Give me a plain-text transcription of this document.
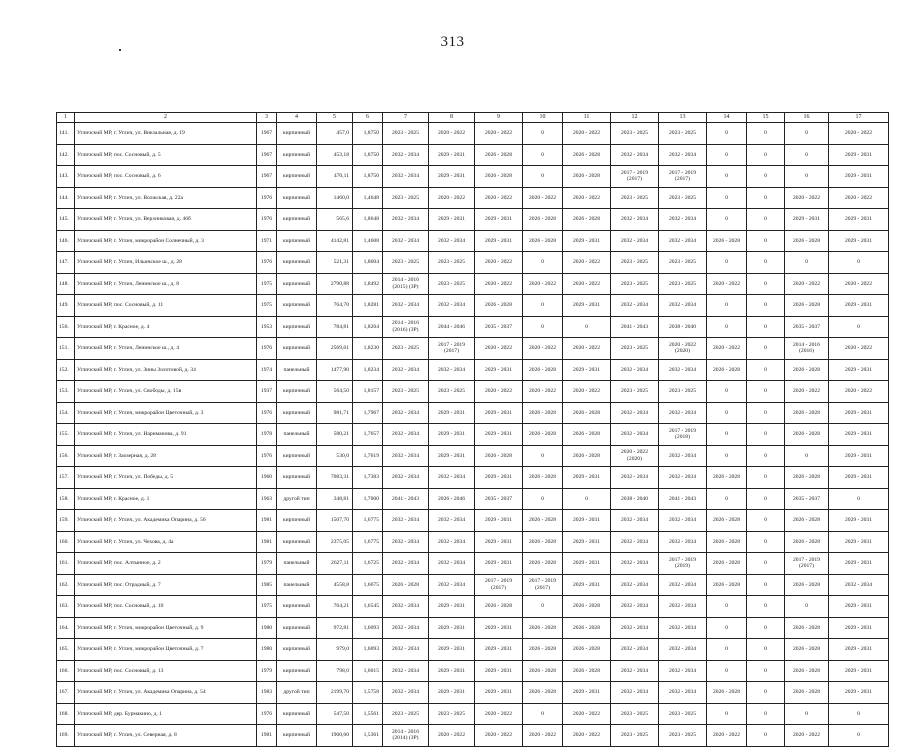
313
1	2	3	4	5	6	7	8	9	10	11	12	13	14	15	16	17
141.	Угличский МР, г. Углич, ул. Викзальная, д. 19	1967	кирпичный	457,0	1,8750	2023 - 2025	2020 - 2022	2020 - 2022	0	2020 - 2022	2023 - 2025	2023 - 2025	0	0	0	2020 - 2022
142.	Угличский МР, пос. Сосновый, д. 5	1967	кирпичный	453,18	1,8750	2032 - 2034	2029 - 2031	2026 - 2028	0	2026 - 2028	2032 - 2034	2032 - 2034	0	0	0	2029 - 2031
143.	Угличский МР, пос. Сосновый, д. 6	1967	кирпичный	470,11	1,8750	2032 - 2034	2029 - 2031	2026 - 2028	0	2026 - 2028	2017 - 2019 (2017)	2017 - 2019 (2017)	0	0	0	2029 - 2031
144.	Угличский МР, г. Углич, ул. Волжская, д. 22а	1976	кирпичный	1460,0	1,4648	2023 - 2025	2020 - 2022	2020 - 2022	2020 - 2022	2020 - 2022	2023 - 2025	2023 - 2025	0	0	2020 - 2022	2020 - 2022
145.	Угличский МР, г. Углич, ул. Верхниковая, д. 46б	1976	кирпичный	565,6	1,8648	2032 - 2034	2029 - 2031	2029 - 2031	2026 - 2028	2026 - 2028	2032 - 2034	2032 - 2034	0	0	2029 - 2031	2029 - 2031
146.	Угличский МР, г. Углич, микрорайон Солнечный, д. 3	1971	кирпичный	4142,81	1,4608	2032 - 2034	2032 - 2034	2029 - 2031	2026 - 2028	2029 - 2031	2032 - 2034	2032 - 2034	2026 - 2028	0	2026 - 2028	2029 - 2031
147.	Угличский МР, г. Углич, Ильинское ш., д. 28	1976	кирпичный	521,31	1,8604	2023 - 2025	2023 - 2025	2020 - 2022	0	2020 - 2022	2023 - 2025	2023 - 2025	0	0	0	0
148.	Угличский МР, г. Углич, Ленинское ш., д. 8	1975	кирпичный	2790,88	1,8492	2014 - 2016 (2015) (ЗР)	2023 - 2025	2020 - 2022	2020 - 2022	2020 - 2022	2023 - 2025	2023 - 2025	2020 - 2022	0	2020 - 2022	2020 - 2022
149.	Угличский МР, пос. Сосновый, д. 11	1975	кирпичный	764,70	1,8281	2032 - 2034	2032 - 2034	2026 - 2028	0	2029 - 2031	2032 - 2034	2032 - 2034	0	0	2026 - 2028	2029 - 2031
150.	Угличский МР, г. Красное, д. 4	1953	кирпичный	784,81	1,8264	2014 - 2016 (2016) (ЗР)	2044 - 2046	2035 - 2037	0	0	2041 - 2043	2038 - 2040	0	0	2035 - 2037	0
151.	Угличский МР, г. Углич, Ленинское ш., д. 4	1976	кирпичный	2569,61	1,8230	2023 - 2025	2017 - 2019 (2017)	2020 - 2022	2020 - 2022	2020 - 2022	2023 - 2025	2020 - 2022 (2020)	2020 - 2022	0	2014 - 2016 (2016)	2020 - 2022
152.	Угличский МР, г. Углич, ул. Зины Золотовой, д. 34	1974	панельный	1477,90	1,8234	2032 - 2034	2032 - 2034	2029 - 2031	2026 - 2028	2029 - 2031	2032 - 2034	2032 - 2034	2026 - 2028	0	2026 - 2028	2029 - 2031
153.	Угличский МР, г. Углич, ул. Свободы, д. 15в	1937	кирпичный	564,50	1,8157	2023 - 2025	2023 - 2025	2020 - 2022	2020 - 2022	2020 - 2022	2023 - 2025	2023 - 2025	0	0	2020 - 2022	2020 - 2022
154.	Угличский МР, г. Углич, микрорайон Цветочный, д. 3	1976	кирпичный	981,71	1,7967	2032 - 2034	2029 - 2031	2029 - 2031	2026 - 2028	2026 - 2028	2032 - 2034	2032 - 2034	0	0	2026 - 2028	2029 - 2031
155.	Угличский МР, г. Углич, ул. Нариманова, д. 91	1978	панельный	580,21	1,7657	2032 - 2034	2029 - 2031	2029 - 2031	2026 - 2028	2026 - 2028	2032 - 2034	2017 - 2019 (2018)	0	0	2026 - 2028	2029 - 2031
156.	Угличский МР, г. Заозерная, д. 28	1976	кирпичный	530,0	1,7619	2032 - 2034	2029 - 2031	2026 - 2028	0	2026 - 2028	2020 - 2022 (2020)	2032 - 2034	0	0	0	2029 - 2031
157.	Угличский МР, г. Углич, ул. Победы, д. 5	1960	кирпичный	7083,31	1,7383	2032 - 2034	2032 - 2034	2029 - 2031	2026 - 2028	2029 - 2031	2032 - 2034	2032 - 2034	2026 - 2028	0	2026 - 2028	2029 - 2031
158.	Угличский МР, г. Красное, д. 1	1963	другой тип	348,81	1,7000	2041 - 2043	2026 - 2046	2035 - 2037	0	0	2038 - 2040	2041 - 2043	0	0	2035 - 2037	0
159.	Угличский МР, г. Углич, ул. Академика Опарина, д. 56	1981	кирпичный	1507,70	1,6775	2032 - 2034	2032 - 2034	2029 - 2031	2026 - 2028	2029 - 2031	2032 - 2034	2032 - 2034	2026 - 2028	0	2026 - 2028	2029 - 2031
160.	Угличский МР, г. Углич, ул. Чехова, д. 4а	1981	кирпичный	2375,05	1,6775	2032 - 2034	2032 - 2034	2029 - 2031	2026 - 2028	2029 - 2031	2032 - 2034	2032 - 2034	2026 - 2028	0	2026 - 2028	2029 - 2031
161.	Угличский МР, пос. Алтынное, д. 2	1979	панельный	2627,11	1,6725	2032 - 2034	2032 - 2034	2029 - 2031	2026 - 2028	2029 - 2031	2032 - 2034	2017 - 2019 (2019)	2026 - 2028	0	2017 - 2019 (2017)	2029 - 2031
162.	Угличский МР, пос. Отрадный, д. 7	1985	панельный	4558,8	1,6675	2026 - 2028	2032 - 2034	2017 - 2019 (2017)	2017 - 2019 (2017)	2029 - 2031	2032 - 2034	2032 - 2034	2026 - 2028	0	2026 - 2028	2032 - 2034
163.	Угличский МР, пос. Сосновый, д. 10	1975	кирпичный	764,21	1,6545	2032 - 2034	2029 - 2031	2026 - 2028	0	2026 - 2028	2032 - 2034	2032 - 2034	0	0	0	2029 - 2031
164.	Угличский МР, г. Углич, микрорайон Цветочный, д. 9	1980	кирпичный	972,81	1,6093	2032 - 2034	2029 - 2031	2029 - 2031	2026 - 2028	2026 - 2028	2032 - 2034	2032 - 2034	0	0	2026 - 2028	2029 - 2031
165.	Угличский МР, г. Углич, микрорайон Цветочный, д. 7	1980	кирпичный	979,0	1,6093	2032 - 2034	2029 - 2031	2029 - 2031	2026 - 2028	2026 - 2028	2032 - 2034	2032 - 2034	0	0	2026 - 2028	2029 - 2031
166.	Угличский МР, пос. Сосновый, д. 13	1979	кирпичный	798,0	1,6015	2032 - 2034	2029 - 2031	2029 - 2031	2026 - 2028	2026 - 2028	2032 - 2034	2032 - 2034	0	0	2026 - 2028	2029 - 2031
167.	Угличский МР, г. Углич, ул. Академика Опарина, д. 54	1983	другой тип	2199,70	1,5758	2032 - 2034	2029 - 2031	2029 - 2031	2026 - 2028	2029 - 2031	2032 - 2034	2032 - 2034	2026 - 2028	0	2026 - 2028	2029 - 2031
168.	Угличский МР, дер. Бурмакино, д. 1	1976	кирпичный	547,50	1,5561	2023 - 2025	2023 - 2025	2020 - 2022	0	2020 - 2022	2023 - 2025	2023 - 2025	0	0	0	0
169.	Угличский МР, г. Углич, ул. Северная, д. 8	1981	кирпичный	1960,60	1,5361	2014 - 2016 (2014) (ЗР)	2020 - 2022	2020 - 2022	2020 - 2022	2020 - 2022	2023 - 2025	2023 - 2025	2020 - 2022	0	2020 - 2022	0
